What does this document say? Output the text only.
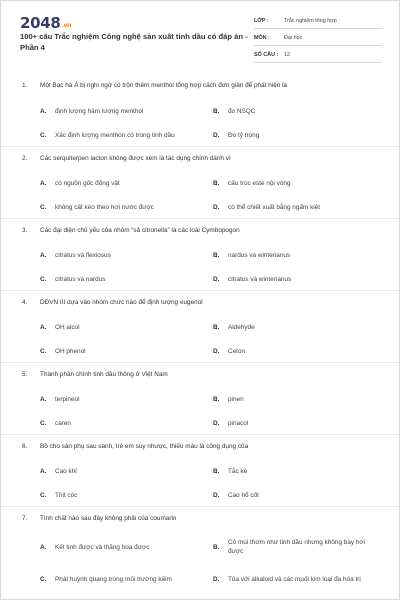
2048.vn
100+ câu Trắc nghiệm Công nghệ sản xuất tinh dầu có đáp án - Phần 4
LỚP :	Trắc nghiệm tổng hợp
MÔN :	Đại học
SỐ CÂU :	12
1. Một Bạc hà Á bị nghi ngờ có trộn thêm menthol tổng hợp cách đơn giản để phát hiện là
A.	định lượng hàm lượng menthol	B.	đo NSQC
C.	Xác định lượng menthon có trong tinh dầu	D.	Đo tỷ trọng
2. Các serquiterpen lacton không được xem là tác dụng chính dành vì
A.	có nguồn gốc động vật	B.	cấu trúc este nội vòng
C.	không cất kéo theo hơi nước được	D.	có thể chiết xuất bằng ngấm kiệt
3. Các đại diện chủ yếu của nhóm “sả citronella” là các loài Cymbopogon
A.	citratus và flexiosus	B.	nardus và winterianus
C.	citratus và nardus	D.	citratus và winterianus
4. DĐVN III dựa vào nhóm chức nào để định lượng eugenol
A.	OH alcol	B.	Aldehyde
C.	OH phenol	D.	Ceton
5. Thành phần chính tinh dầu thông ở Việt Nam
A.	terpineol	B.	pinen
C.	caren	D.	pinacol
6. Bồ cho sản phụ sau sanh, trẻ em suy nhược, thiếu máu là công dụng của
A.	Cao khỉ	B.	Tắc kè
C.	Thịt cóc	D.	Cao hổ cốt
7. Tính chất nào sau đây không phải của coumarin
A.	Kết tinh được và thăng hoa được	B.
Có mùi thơm như tinh dầu nhưng không bay hơi được
C.	Phát huỳnh quang trong môi trường kiềm	D.	Tủa với alkaloid và các muối kim loại đa hóa trị
